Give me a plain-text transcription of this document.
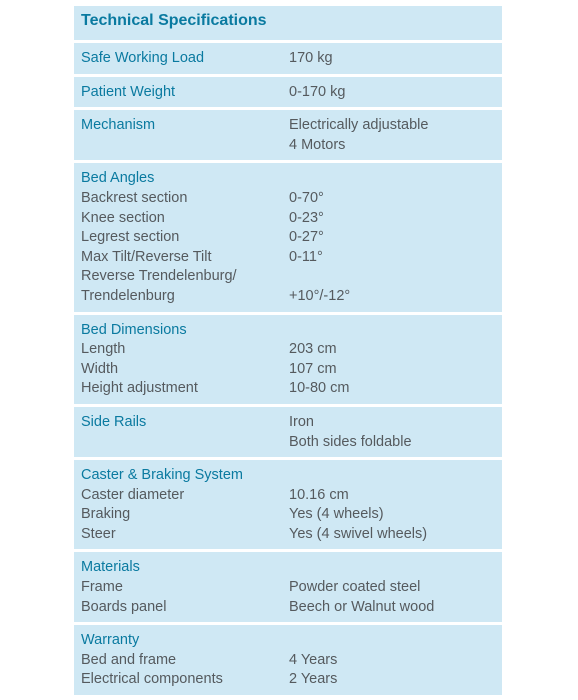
Technical Specifications
Safe Working Load	170 kg
Patient Weight	0-170 kg
Mechanism	Electrically adjustable
4 Motors
Bed Angles
Backrest section	0-70°
Knee section	0-23°
Legrest section	0-27°
Max Tilt/Reverse Tilt	0-11°
Reverse Trendelenburg/
Trendelenburg	+10°/-12°
Bed Dimensions
Length	203 cm
Width	107 cm
Height adjustment	10-80 cm
Side Rails	Iron
Both sides foldable
Caster & Braking System
Caster diameter	10.16 cm
Braking	Yes (4 wheels)
Steer	Yes (4 swivel wheels)
Materials
Frame	Powder coated steel
Boards panel	Beech or Walnut wood
Warranty
Bed and frame	4 Years
Electrical components	2 Years
